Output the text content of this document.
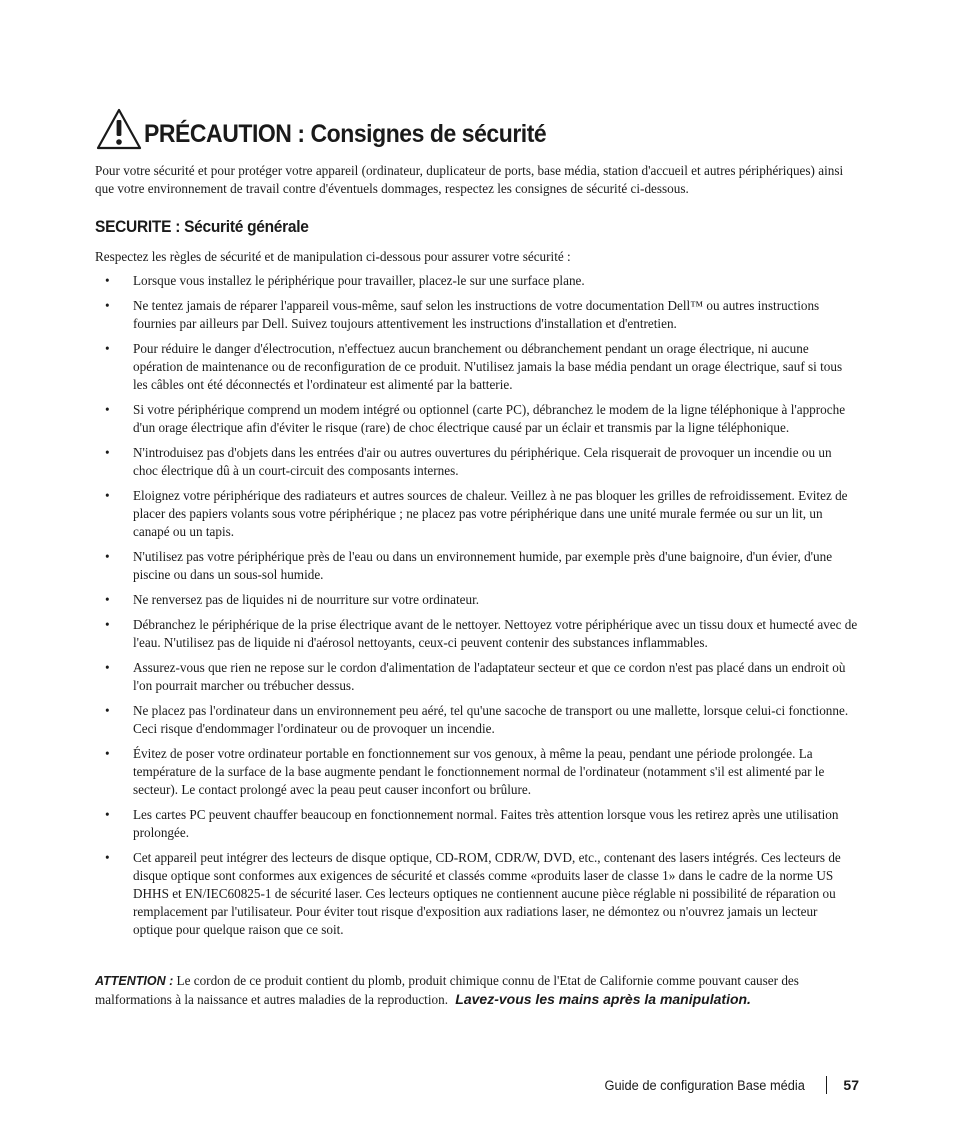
PRÉCAUTION : Consignes de sécurité

Pour votre sécurité et pour protéger votre appareil (ordinateur, duplicateur de ports, base média, station d'accueil et autres périphériques) ainsi que votre environnement de travail contre d'éventuels dommages, respectez les consignes de sécurité ci-dessous.

SECURITE : Sécurité générale

Respectez les règles de sécurité et de manipulation ci-dessous pour assurer votre sécurité :

• Lorsque vous installez le périphérique pour travailler, placez-le sur une surface plane.
• Ne tentez jamais de réparer l'appareil vous-même, sauf selon les instructions de votre documentation Dell™ ou autres instructions fournies par ailleurs par Dell. Suivez toujours attentivement les instructions d'installation et d'entretien.
• Pour réduire le danger d'électrocution, n'effectuez aucun branchement ou débranchement pendant un orage électrique, ni aucune opération de maintenance ou de reconfiguration de ce produit. N'utilisez jamais la base média pendant un orage électrique, sauf si tous les câbles ont été déconnectés et l'ordinateur est alimenté par la batterie.
• Si votre périphérique comprend un modem intégré ou optionnel (carte PC), débranchez le modem de la ligne téléphonique à l'approche d'un orage électrique afin d'éviter le risque (rare) de choc électrique causé par un éclair et transmis par la ligne téléphonique.
• N'introduisez pas d'objets dans les entrées d'air ou autres ouvertures du périphérique. Cela risquerait de provoquer un incendie ou un choc électrique dû à un court-circuit des composants internes.
• Eloignez votre périphérique des radiateurs et autres sources de chaleur. Veillez à ne pas bloquer les grilles de refroidissement. Evitez de placer des papiers volants sous votre périphérique ; ne placez pas votre périphérique dans une unité murale fermée ou sur un lit, un canapé ou un tapis.
• N'utilisez pas votre périphérique près de l'eau ou dans un environnement humide, par exemple près d'une baignoire, d'un évier, d'une piscine ou dans un sous-sol humide.
• Ne renversez pas de liquides ni de nourriture sur votre ordinateur.
• Débranchez le périphérique de la prise électrique avant de le nettoyer. Nettoyez votre périphérique avec un tissu doux et humecté avec de l'eau. N'utilisez pas de liquide ni d'aérosol nettoyants, ceux-ci peuvent contenir des substances inflammables.
• Assurez-vous que rien ne repose sur le cordon d'alimentation de l'adaptateur secteur et que ce cordon n'est pas placé dans un endroit où l'on pourrait marcher ou trébucher dessus.
• Ne placez pas l'ordinateur dans un environnement peu aéré, tel qu'une sacoche de transport ou une mallette, lorsque celui-ci fonctionne. Ceci risque d'endommager l'ordinateur ou de provoquer un incendie.
• Évitez de poser votre ordinateur portable en fonctionnement sur vos genoux, à même la peau, pendant une période prolongée. La température de la surface de la base augmente pendant le fonctionnement normal de l'ordinateur (notamment s'il est alimenté par le secteur). Le contact prolongé avec la peau peut causer inconfort ou brûlure.
• Les cartes PC peuvent chauffer beaucoup en fonctionnement normal. Faites très attention lorsque vous les retirez après une utilisation prolongée.
• Cet appareil peut intégrer des lecteurs de disque optique, CD-ROM, CDR/W, DVD, etc., contenant des lasers intégrés. Ces lecteurs de disque optique sont conformes aux exigences de sécurité et classés comme «produits laser de classe 1» dans le cadre de la norme US DHHS et EN/IEC60825-1 de sécurité laser. Ces lecteurs optiques ne contiennent aucune pièce réglable ni possibilité de réparation ou remplacement par l'utilisateur. Pour éviter tout risque d'exposition aux radiations laser, ne démontez ou n'ouvrez jamais un lecteur optique pour quelque raison que ce soit.

ATTENTION : Le cordon de ce produit contient du plomb, produit chimique connu de l'Etat de Californie comme pouvant causer des malformations à la naissance et autres maladies de la reproduction. Lavez-vous les mains après la manipulation.

Guide de configuration Base média	57
